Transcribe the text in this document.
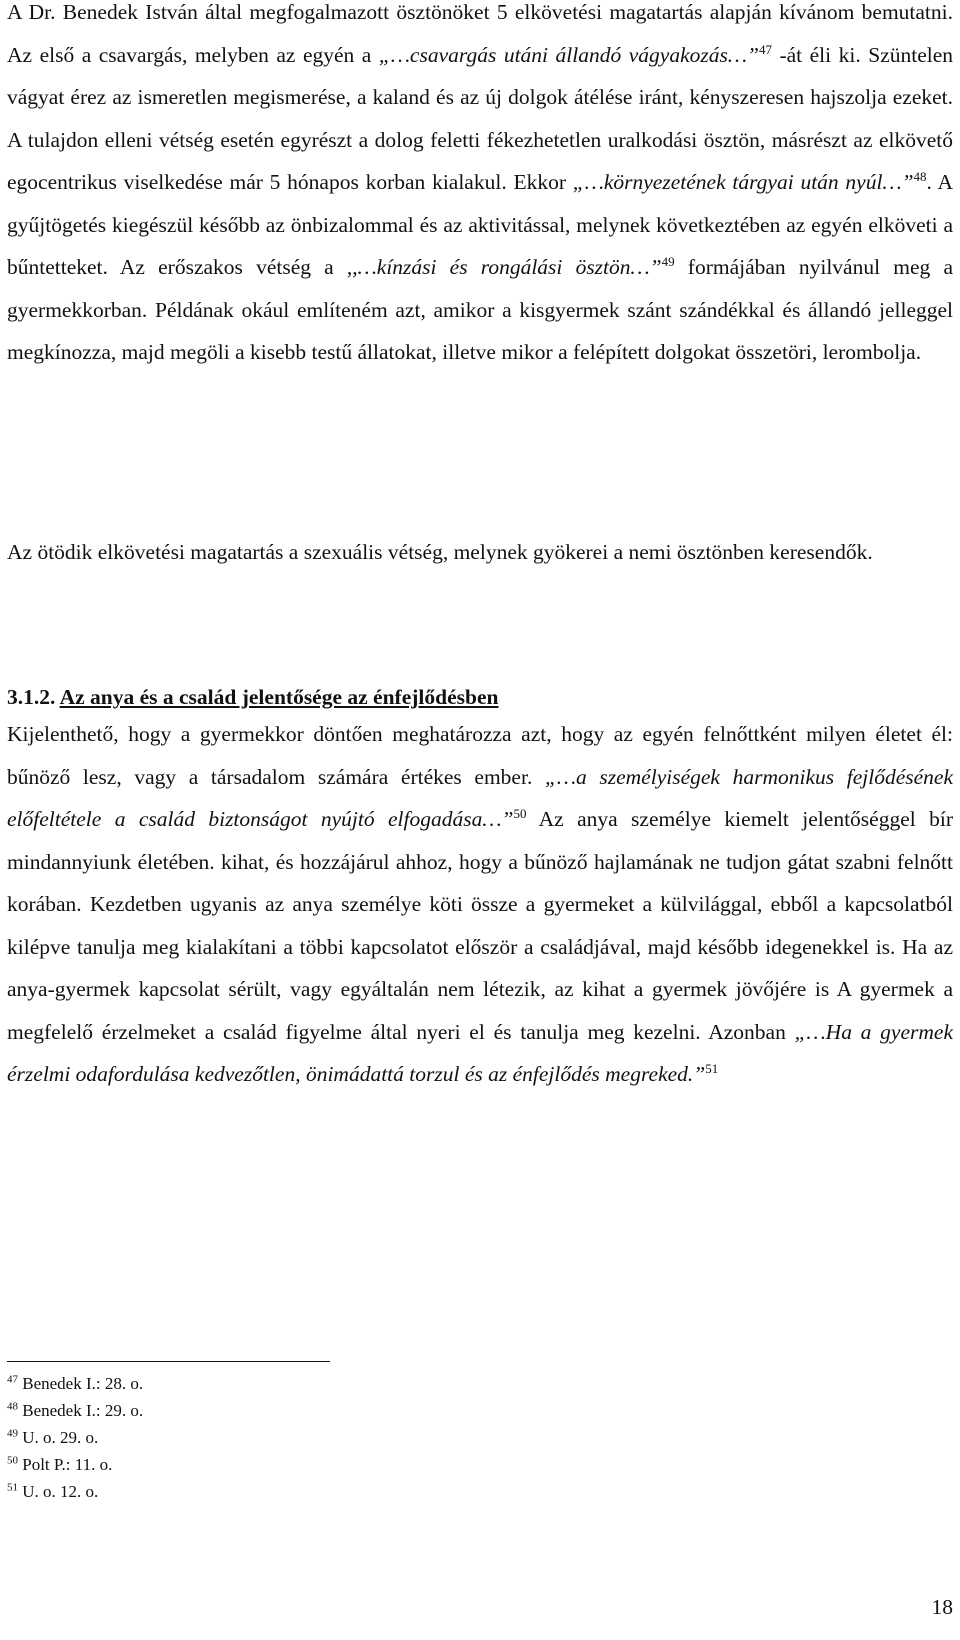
A Dr. Benedek István által megfogalmazott ösztönöket 5 elkövetési magatartás alapján kívánom bemutatni. Az első a csavargás, melyben az egyén a „…csavargás utáni állandó vágyakozás…”$^{47}$ -át éli ki. Szüntelen vágyat érez az ismeretlen megismerése, a kaland és az új dolgok átélése iránt, kényszeresen hajszolja ezeket. A tulajdon elleni vétség esetén egyrészt a dolog feletti fékezhetetlen uralkodási ösztön, másrészt az elkövető egocentrikus viselkedése már 5 hónapos korban kialakul. Ekkor „…környezetének tárgyai után nyúl…”$^{48}$. A gyűjtögetés kiegészül később az önbizalommal és az aktivitással, melynek következtében az egyén elköveti a bűntetteket. Az erőszakos vétség a ,,…kínzási és rongálási ösztön…”$^{49}$ formájában nyilvánul meg a gyermekkorban. Példának okául említeném azt, amikor a kisgyermek szánt szándékkal és állandó jelleggel megkínozza, majd megöli a kisebb testű állatokat, illetve mikor a felépített dolgokat összetöri, lerombolja.

Az ötödik elkövetési magatartás a szexuális vétség, melynek gyökerei a nemi ösztönben keresendők.

3.1.2. Az anya és a család jelentősége az énfejlődésben

Kijelenthető, hogy a gyermekkor döntően meghatározza azt, hogy az egyén felnőttként milyen életet él: bűnöző lesz, vagy a társadalom számára értékes ember. „…a személyiségek harmonikus fejlődésének előfeltétele a család biztonságot nyújtó elfogadása…”$^{50}$ Az anya személye kiemelt jelentőséggel bír mindannyiunk életében. kihat, és hozzájárul ahhoz, hogy a bűnöző hajlamának ne tudjon gátat szabni felnőtt korában. Kezdetben ugyanis az anya személye köti össze a gyermeket a külvilággal, ebből a kapcsolatból kilépve tanulja meg kialakítani a többi kapcsolatot először a családjával, majd később idegenekkel is. Ha az anya-gyermek kapcsolat sérült, vagy egyáltalán nem létezik, az kihat a gyermek jövőjére is A gyermek a megfelelő érzelmeket a család figyelme által nyeri el és tanulja meg kezelni. Azonban „…Ha a gyermek érzelmi odafordulása kedvezőtlen, önimádattá torzul és az énfejlődés megreked.”$^{51}$

$^{47}$ Benedek I.: 28. o.

$^{48}$ Benedek I.: 29. o.

$^{49}$ U. o. 29. o.

$^{50}$ Polt P.: 11. o.

$^{51}$ U. o. 12. o.

18
